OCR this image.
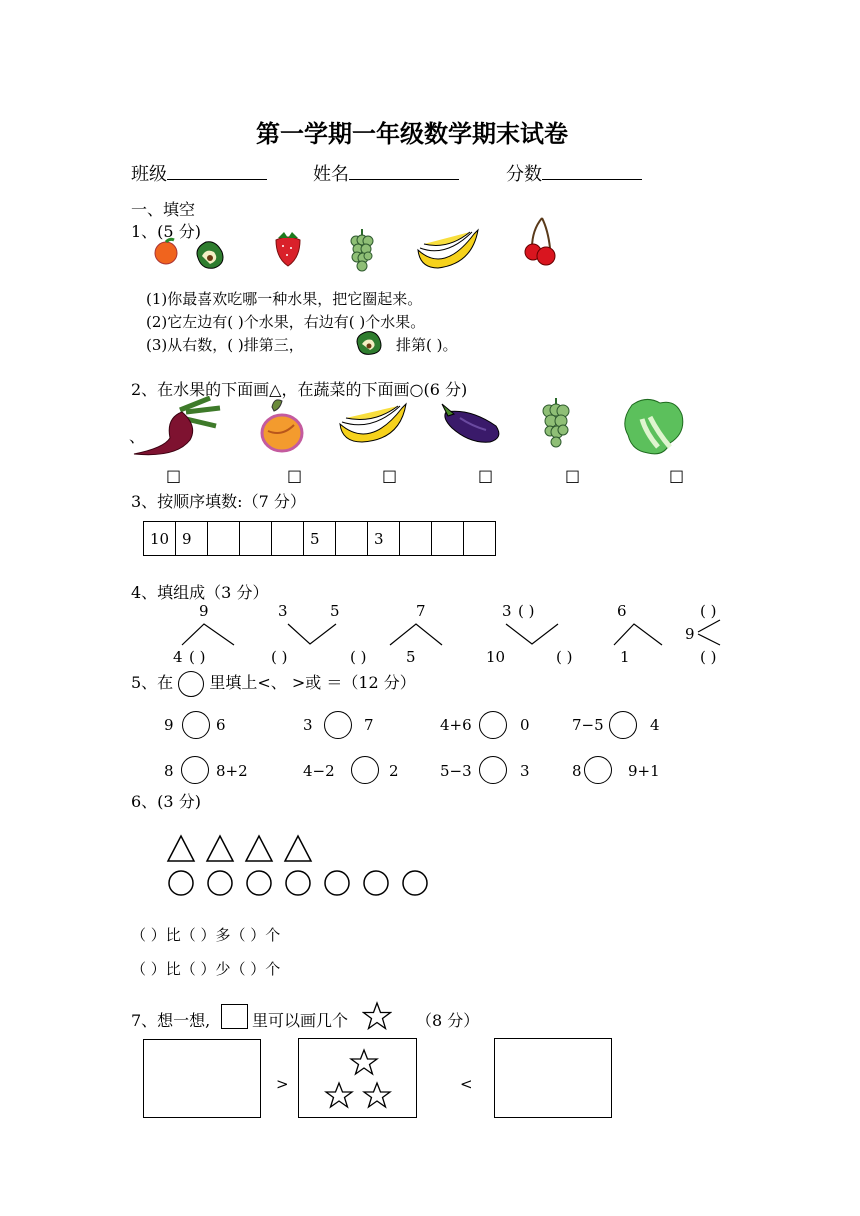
第一学期一年级数学期末试卷
班级	姓名	分数
一、填空
1、(5 分)
(1)你最喜欢吃哪一种水果，把它圈起来。
(2)它左边有( )个水果，右边有( )个水果。
(3)从右数，( )排第三，	排第( )。
2、在水果的下面画△，在蔬菜的下面画○(6 分)
、
□	□	□	□	□	□
3、按顺序填数:（7 分）
10	9				5		3			
4、填组成（3 分）
9
4 ( )
3	5
( )
7
( )	5
3 ( )
10
6
( )	1
( )
9
( )
5、在 里填上<、 >或 ＝（12 分）
9	6	3	7	4+6	0	7−5	4
8	8+2	4−2	2	5−3	3	8	9+1
6、(3 分)
（ ）比（ ）多（ ）个
（ ）比（ ）少（ ）个
7、想一想,	里可以画几个	（8 分）
>	<
